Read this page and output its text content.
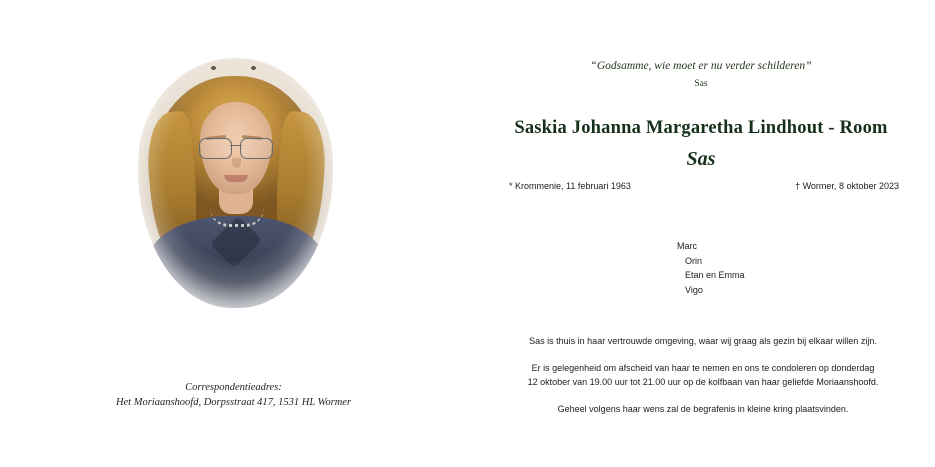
Correspondentieadres:
Het Moriaanshoofd, Dorpsstraat 417, 1531 HL Wormer
“Godsamme, wie moet er nu verder schilderen”
Sas
Saskia Johanna Margaretha Lindhout - Room
Sas
* Krommenie, 11 februari 1963	† Wormer, 8 oktober 2023
Marc
Orin
Etan en Emma
Vigo

Sas is thuis in haar vertrouwde omgeving, waar wij graag als gezin bij elkaar willen zijn.

Er is gelegenheid om afscheid van haar te nemen en ons te condoleren op donderdag
12 oktober van 19.00 uur tot 21.00 uur op de kolfbaan van haar geliefde Moriaanshoofd.

Geheel volgens haar wens zal de begrafenis in kleine kring plaatsvinden.
